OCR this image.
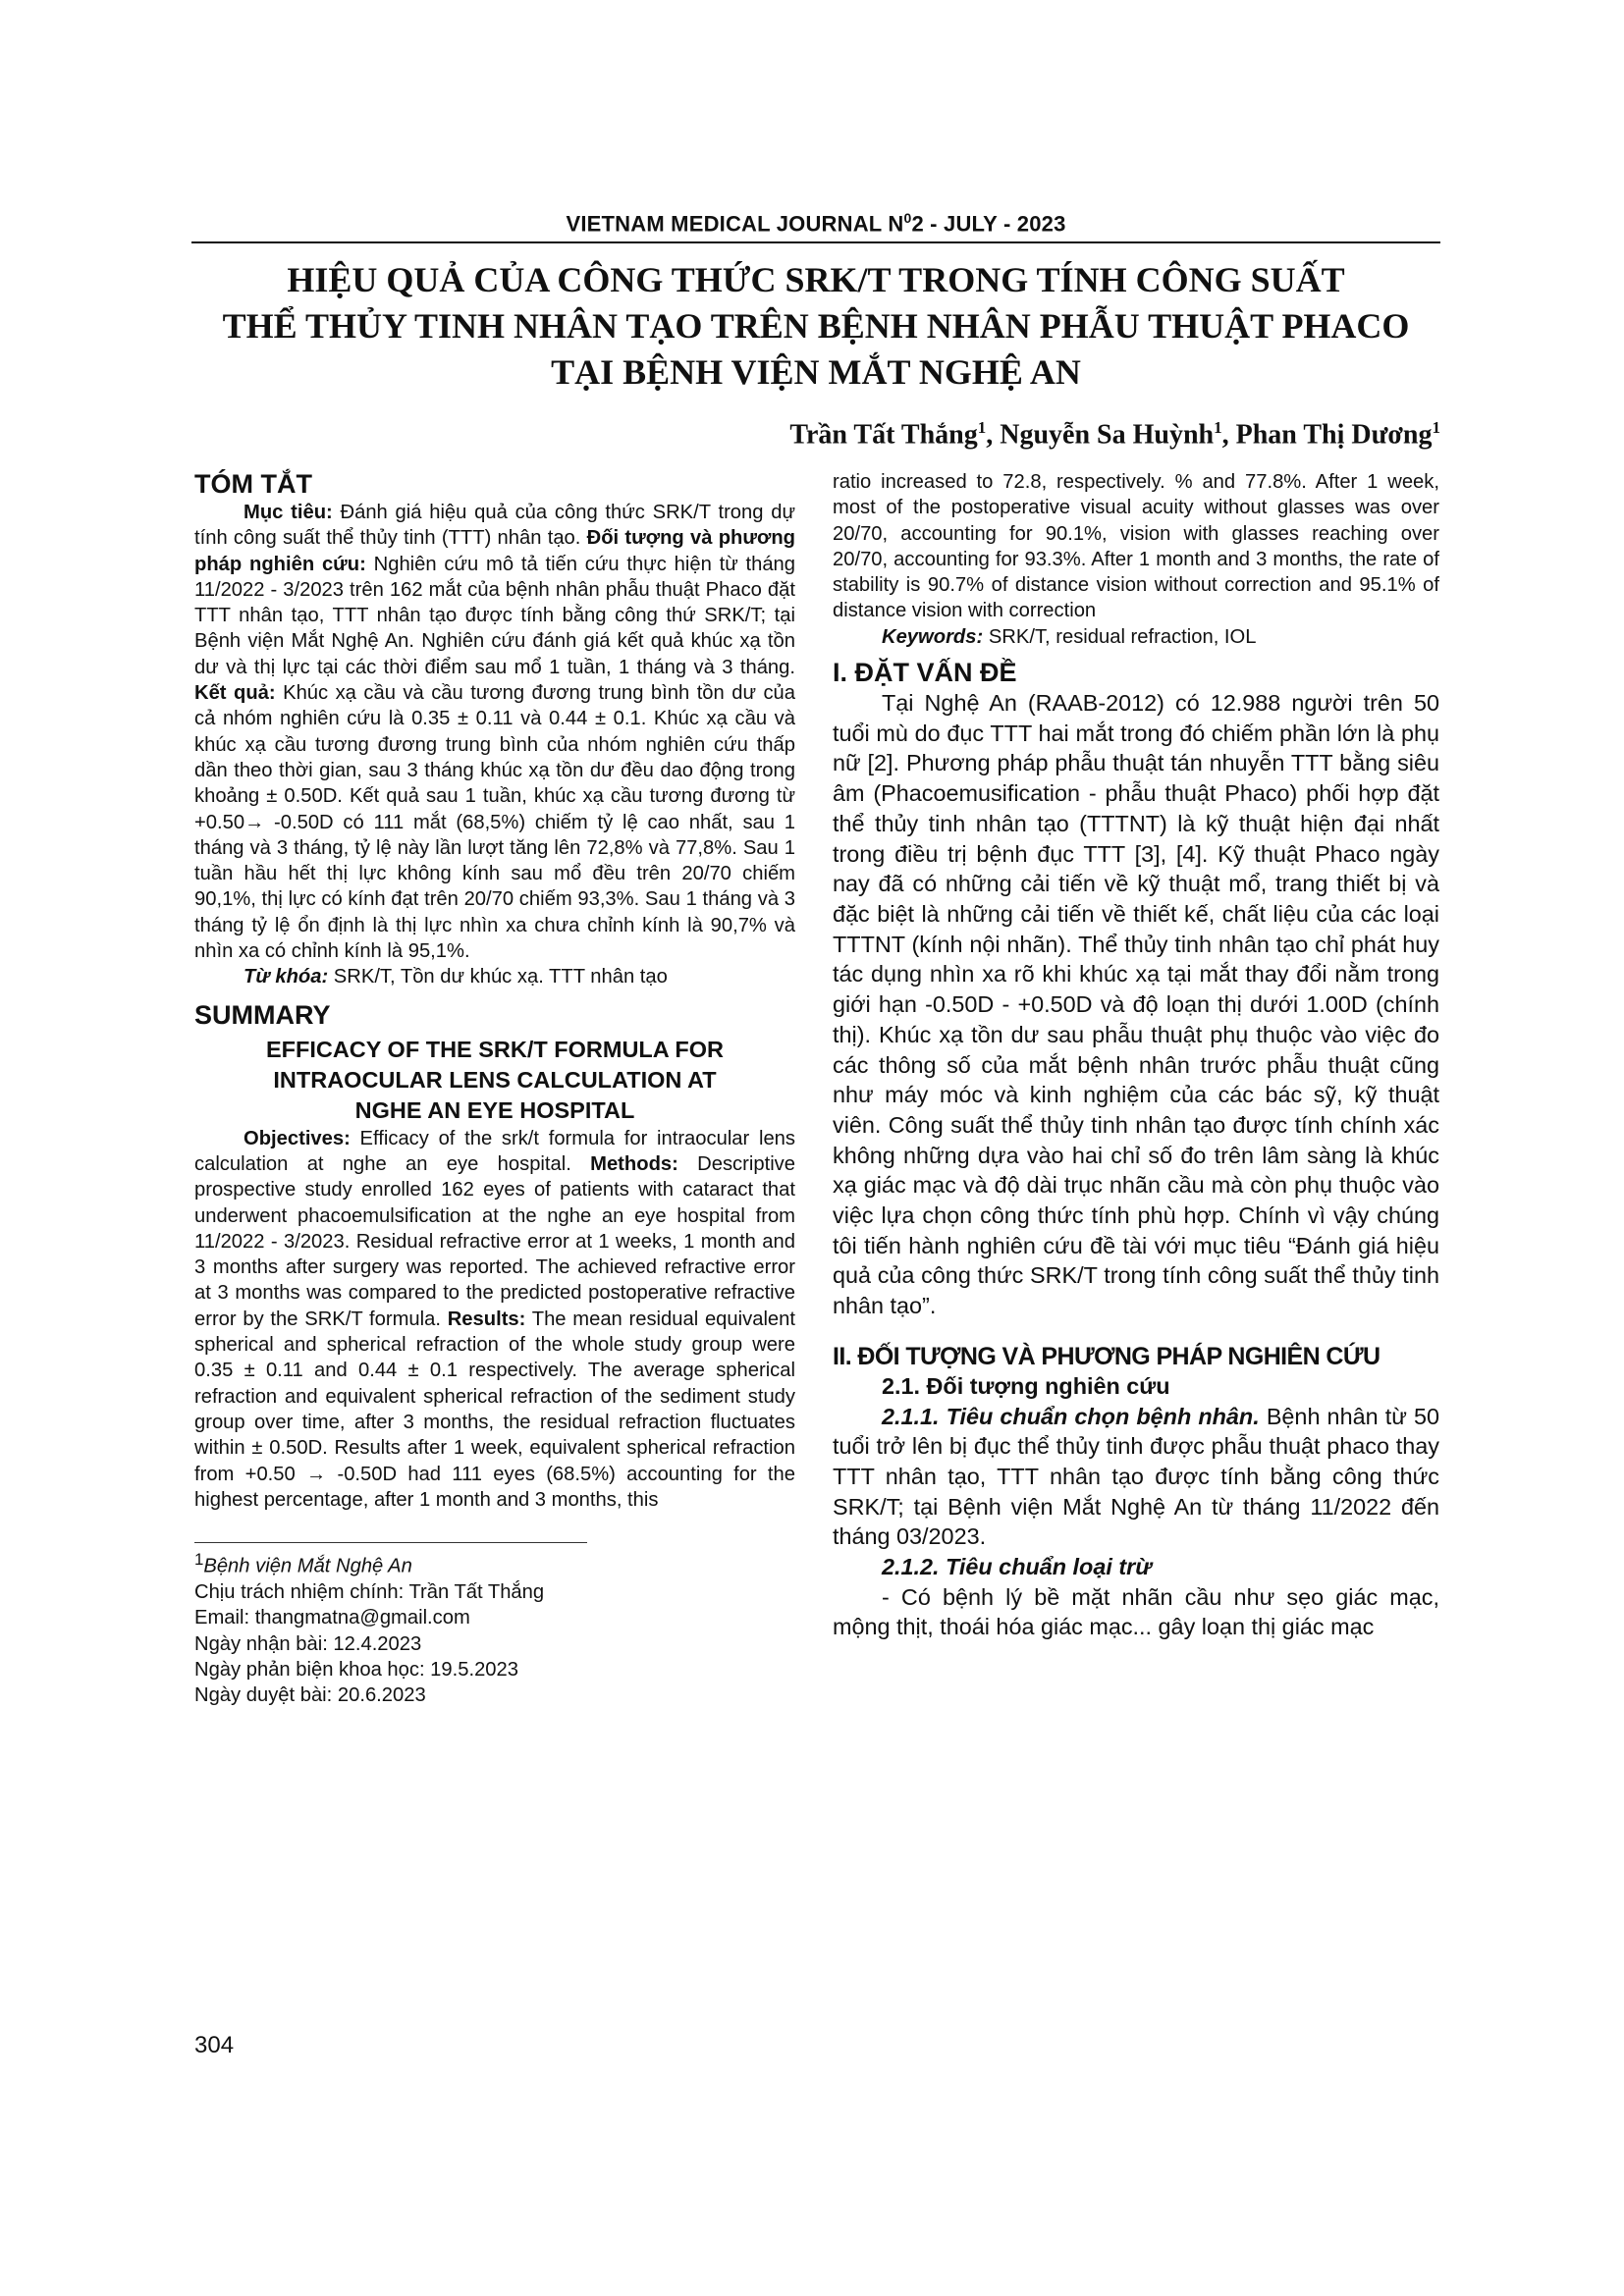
VIETNAM MEDICAL JOURNAL $N^02$ - JULY - 2023
HIỆU QUẢ CỦA CÔNG THỨC SRK/T TRONG TÍNH CÔNG SUẤT
THỂ THỦY TINH NHÂN TẠO TRÊN BỆNH NHÂN PHẪU THUẬT PHACO
TẠI BỆNH VIỆN MẮT NGHỆ AN

Trần Tất Thắng$^1$, Nguyễn Sa Huỳnh$^1$, Phan Thị Dương$^1$

TÓM TẮT

Mục tiêu: Đánh giá hiệu quả của công thức SRK/T trong dự tính công suất thể thủy tinh (TTT) nhân tạo. Đối tượng và phương pháp nghiên cứu: Nghiên cứu mô tả tiến cứu thực hiện từ tháng 11/2022 - 3/2023 trên 162 mắt của bệnh nhân phẫu thuật Phaco đặt TTT nhân tạo, TTT nhân tạo được tính bằng công thứ SRK/T; tại Bệnh viện Mắt Nghệ An. Nghiên cứu đánh giá kết quả khúc xạ tồn dư và thị lực tại các thời điểm sau mổ 1 tuần, 1 tháng và 3 tháng. Kết quả: Khúc xạ cầu và cầu tương đương trung bình tồn dư của cả nhóm nghiên cứu là 0.35 ± 0.11 và 0.44 ± 0.1. Khúc xạ cầu và khúc xạ cầu tương đương trung bình của nhóm nghiên cứu thấp dần theo thời gian, sau 3 tháng khúc xạ tồn dư đều dao động trong khoảng ± 0.50D. Kết quả sau 1 tuần, khúc xạ cầu tương đương từ +0.50→ -0.50D có 111 mắt (68,5%) chiếm tỷ lệ cao nhất, sau 1 tháng và 3 tháng, tỷ lệ này lần lượt tăng lên 72,8% và 77,8%. Sau 1 tuần hầu hết thị lực không kính sau mổ đều trên 20/70 chiếm 90,1%, thị lực có kính đạt trên 20/70 chiếm 93,3%. Sau 1 tháng và 3 tháng tỷ lệ ổn định là thị lực nhìn xa chưa chỉnh kính là 90,7% và nhìn xa có chỉnh kính là 95,1%.

Từ khóa: SRK/T, Tồn dư khúc xạ. TTT nhân tạo

SUMMARY

EFFICACY OF THE SRK/T FORMULA FOR
INTRAOCULAR LENS CALCULATION AT
NGHE AN EYE HOSPITAL

Objectives: Efficacy of the srk/t formula for intraocular lens calculation at nghe an eye hospital. Methods: Descriptive prospective study enrolled 162 eyes of patients with cataract that underwent phacoemulsification at the nghe an eye hospital from 11/2022 - 3/2023. Residual refractive error at 1 weeks, 1 month and 3 months after surgery was reported. The achieved refractive error at 3 months was compared to the predicted postoperative refractive error by the SRK/T formula. Results: The mean residual equivalent spherical and spherical refraction of the whole study group were 0.35 ± 0.11 and 0.44 ± 0.1 respectively. The average spherical refraction and equivalent spherical refraction of the sediment study group over time, after 3 months, the residual refraction fluctuates within ± 0.50D. Results after 1 week, equivalent spherical refraction from +0.50 → -0.50D had 111 eyes (68.5%) accounting for the highest percentage, after 1 month and 3 months, this

$^1$Bệnh viện Mắt Nghệ An

Chịu trách nhiệm chính: Trần Tất Thắng

Email: thangmatna@gmail.com

Ngày nhận bài: 12.4.2023

Ngày phản biện khoa học: 19.5.2023

Ngày duyệt bài: 20.6.2023

ratio increased to 72.8, respectively. % and 77.8%. After 1 week, most of the postoperative visual acuity without glasses was over 20/70, accounting for 90.1%, vision with glasses reaching over 20/70, accounting for 93.3%. After 1 month and 3 months, the rate of stability is 90.7% of distance vision without correction and 95.1% of distance vision with correction

Keywords: SRK/T, residual refraction, IOL

I. ĐẶT VẤN ĐỀ

Tại Nghệ An (RAAB-2012) có 12.988 người trên 50 tuổi mù do đục TTT hai mắt trong đó chiếm phần lớn là phụ nữ [2]. Phương pháp phẫu thuật tán nhuyễn TTT bằng siêu âm (Phacoemusification - phẫu thuật Phaco) phối hợp đặt thể thủy tinh nhân tạo (TTTNT) là kỹ thuật hiện đại nhất trong điều trị bệnh đục TTT [3], [4]. Kỹ thuật Phaco ngày nay đã có những cải tiến về kỹ thuật mổ, trang thiết bị và đặc biệt là những cải tiến về thiết kế, chất liệu của các loại TTTNT (kính nội nhãn). Thể thủy tinh nhân tạo chỉ phát huy tác dụng nhìn xa rõ khi khúc xạ tại mắt thay đổi nằm trong giới hạn -0.50D - +0.50D và độ loạn thị dưới 1.00D (chính thị). Khúc xạ tồn dư sau phẫu thuật phụ thuộc vào việc đo các thông số của mắt bệnh nhân trước phẫu thuật cũng như máy móc và kinh nghiệm của các bác sỹ, kỹ thuật viên. Công suất thể thủy tinh nhân tạo được tính chính xác không những dựa vào hai chỉ số đo trên lâm sàng là khúc xạ giác mạc và độ dài trục nhãn cầu mà còn phụ thuộc vào việc lựa chọn công thức tính phù hợp. Chính vì vậy chúng tôi tiến hành nghiên cứu đề tài với mục tiêu “Đánh giá hiệu quả của công thức SRK/T trong tính công suất thể thủy tinh nhân tạo”.

II. ĐỐI TƯỢNG VÀ PHƯƠNG PHÁP NGHIÊN CỨU

2.1. Đối tượng nghiên cứu

2.1.1. Tiêu chuẩn chọn bệnh nhân. Bệnh nhân từ 50 tuổi trở lên bị đục thể thủy tinh được phẫu thuật phaco thay TTT nhân tạo, TTT nhân tạo được tính bằng công thức SRK/T; tại Bệnh viện Mắt Nghệ An từ tháng 11/2022 đến tháng 03/2023.

2.1.2. Tiêu chuẩn loại trừ

- Có bệnh lý bề mặt nhãn cầu như sẹo giác mạc, mộng thịt, thoái hóa giác mạc... gây loạn thị giác mạc

304
